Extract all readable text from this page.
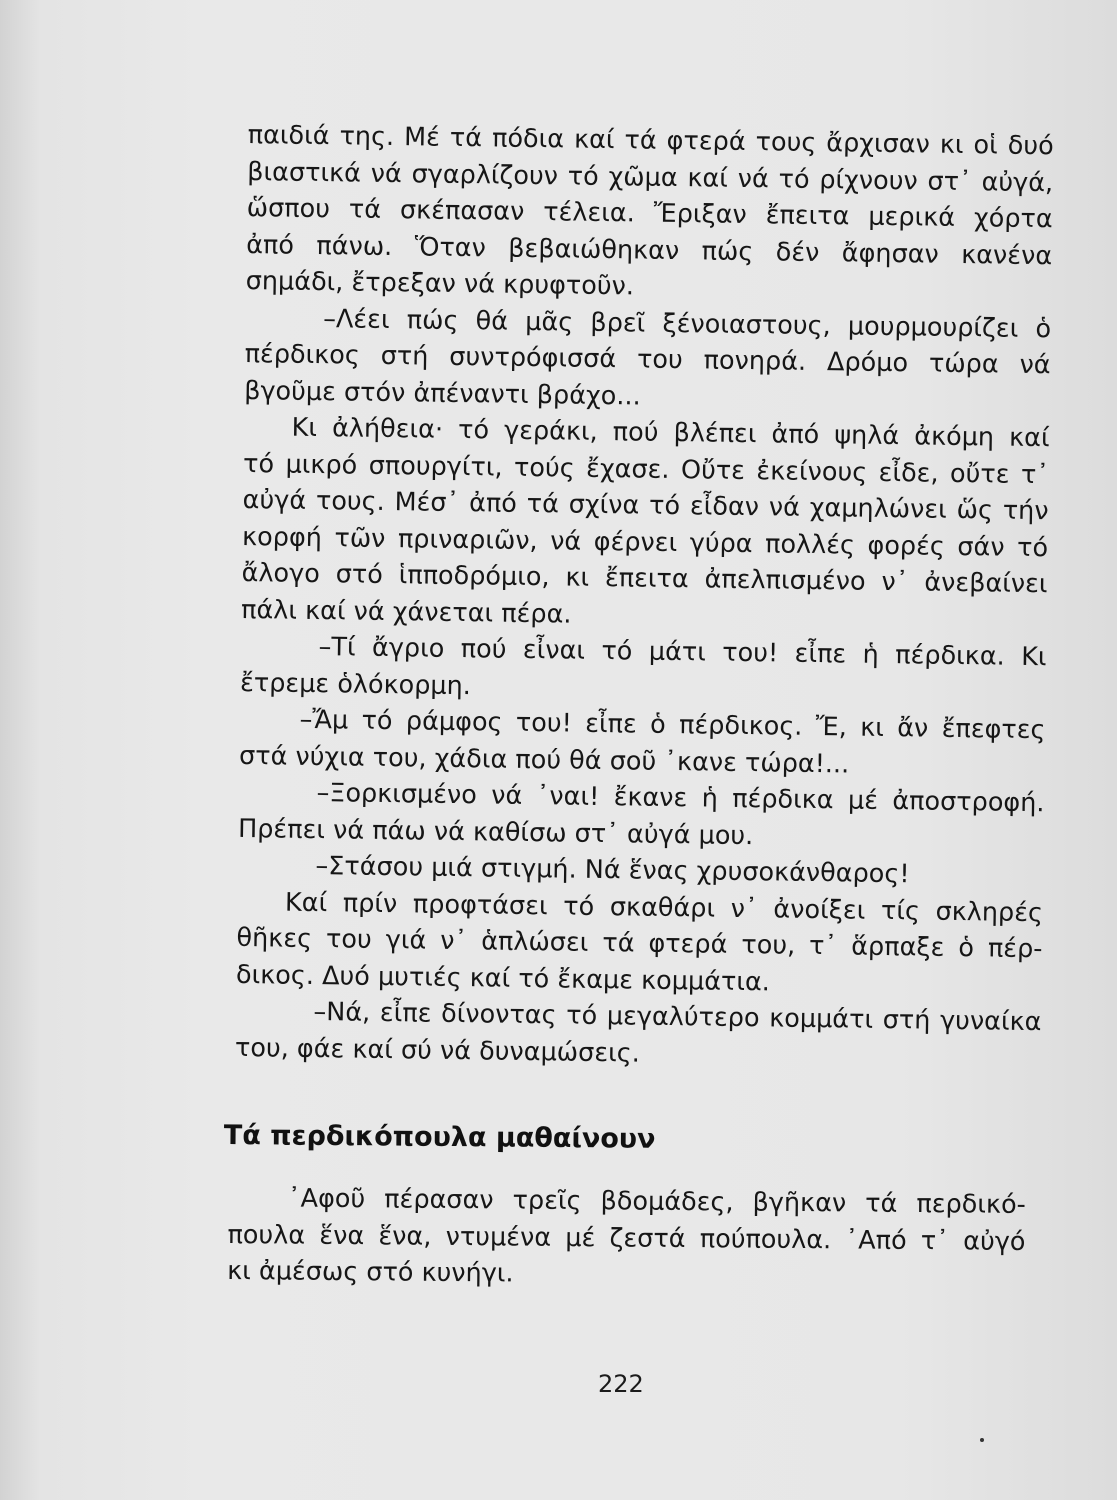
παιδιά της. Μέ τά πόδια καί τά φτερά τους ἄρχισαν κι οἱ δυό
βιαστικά νά σγαρλίζουν τό χῶμα καί νά τό ρίχνουν στ᾿ αὐγά,
ὥσπου τά σκέπασαν τέλεια. Ἔριξαν ἔπειτα μερικά χόρτα
ἀπό πάνω. Ὅταν βεβαιώθηκαν πώς δέν ἄφησαν κανένα
σημάδι, ἔτρεξαν νά κρυφτοῦν.
–Λέει πώς θά μᾶς βρεῖ ξένοιαστους, μουρμουρίζει ὁ
πέρδικος στή συντρόφισσά του πονηρά. Δρόμο τώρα νά
βγοῦμε στόν ἀπέναντι βράχο...
Κι ἀλήθεια· τό γεράκι, πού βλέπει ἀπό ψηλά ἀκόμη καί
τό μικρό σπουργίτι, τούς ἔχασε. Οὔτε ἐκείνους εἶδε, οὔτε τ᾿
αὐγά τους. Μέσ᾿ ἀπό τά σχίνα τό εἶδαν νά χαμηλώνει ὥς τήν
κορφή τῶν πριναριῶν, νά φέρνει γύρα πολλές φορές σάν τό
ἄλογο στό ἱπποδρόμιο, κι ἔπειτα ἀπελπισμένο ν᾿ ἀνεβαίνει
πάλι καί νά χάνεται πέρα.
–Τί ἄγριο πού εἶναι τό μάτι του! εἶπε ἡ πέρδικα. Κι
ἔτρεμε ὁλόκορμη.
–Ἄμ τό ράμφος του! εἶπε ὁ πέρδικος. Ἔ, κι ἄν ἔπεφτες
στά νύχια του, χάδια πού θά σοῦ ᾽κανε τώρα!...
–Ξορκισμένο νά ᾽ναι! ἔκανε ἡ πέρδικα μέ ἀποστροφή.
Πρέπει νά πάω νά καθίσω στ᾿ αὐγά μου.
–Στάσου μιά στιγμή. Νά ἕνας χρυσοκάνθαρος!
Καί πρίν προφτάσει τό σκαθάρι ν᾿ ἀνοίξει τίς σκληρές
θῆκες του γιά ν᾿ ἁπλώσει τά φτερά του, τ᾿ ἅρπαξε ὁ πέρ-
δικος. Δυό μυτιές καί τό ἔκαμε κομμάτια.
–Νά, εἶπε δίνοντας τό μεγαλύτερο κομμάτι στή γυναίκα
του, φάε καί σύ νά δυναμώσεις.
Τά περδικόπουλα μαθαίνουν
᾿Αφοῦ πέρασαν τρεῖς βδομάδες, βγῆκαν τά περδικό-
πουλα ἕνα ἕνα, ντυμένα μέ ζεστά πούπουλα. ᾿Από τ᾿ αὐγό
κι ἀμέσως στό κυνήγι.
222
